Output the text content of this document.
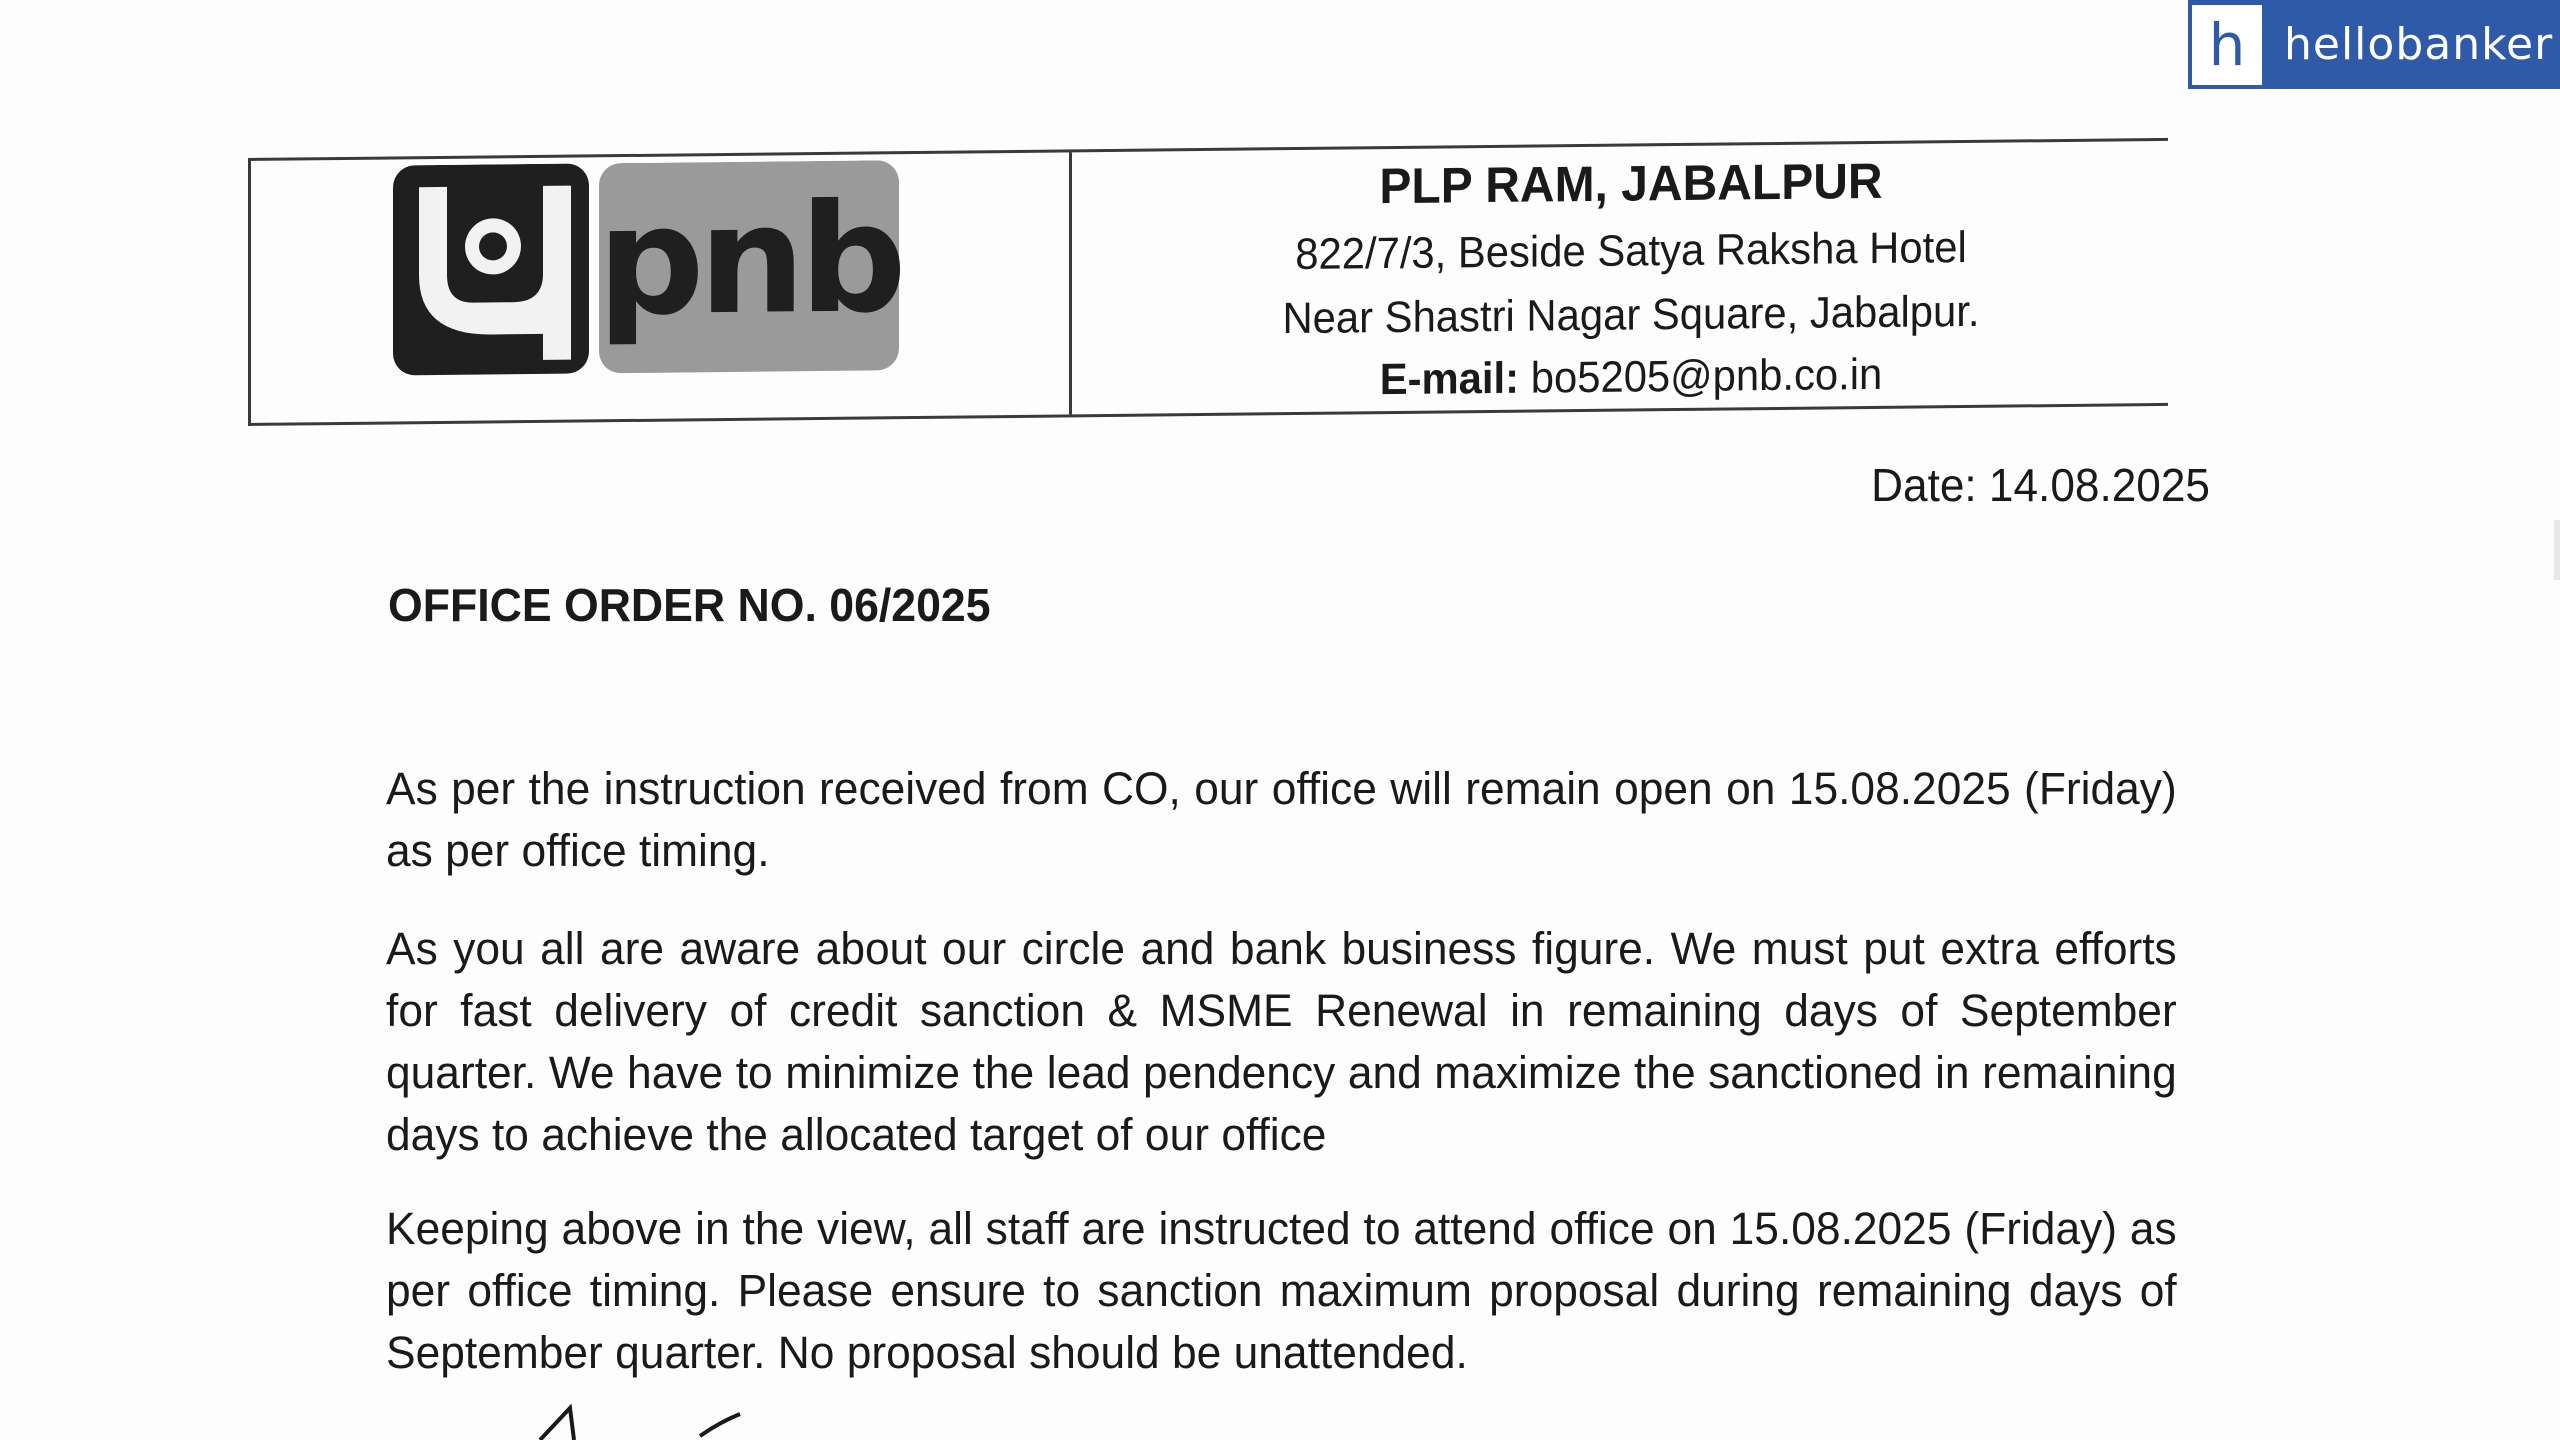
h hellobanker
pnb	PLP RAM, JABALPUR
822/7/3, Beside Satya Raksha Hotel
Near Shastri Nagar Square, Jabalpur.
E-mail: bo5205@pnb.co.in
Date: 14.08.2025
OFFICE ORDER NO. 06/2025
As per the instruction received from CO, our office will remain open on 15.08.2025 (Friday) as per office timing.
As you all are aware about our circle and bank business figure. We must put extra efforts for fast delivery of credit sanction & MSME Renewal in remaining days of September quarter. We have to minimize the lead pendency and maximize the sanctioned in remaining days to achieve the allocated target of our office
Keeping above in the view, all staff are instructed to attend office on 15.08.2025 (Friday) as per office timing. Please ensure to sanction maximum proposal during remaining days of September quarter. No proposal should be unattended.
